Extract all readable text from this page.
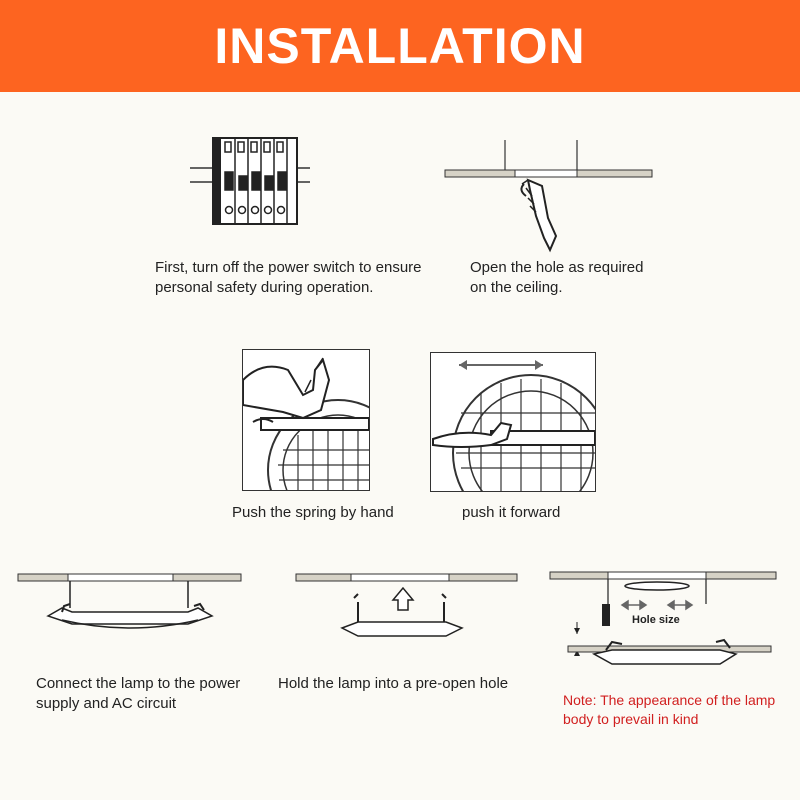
INSTALLATION
First, turn off the power switch to ensure
personal safety during operation.
Open the hole as required
on the ceiling.
Push the spring by hand	push it forward
Connect the lamp to the power
supply and AC circuit
Hold the lamp into a pre-open hole
Hole size
Note: The appearance of the lamp
body to prevail in kind
